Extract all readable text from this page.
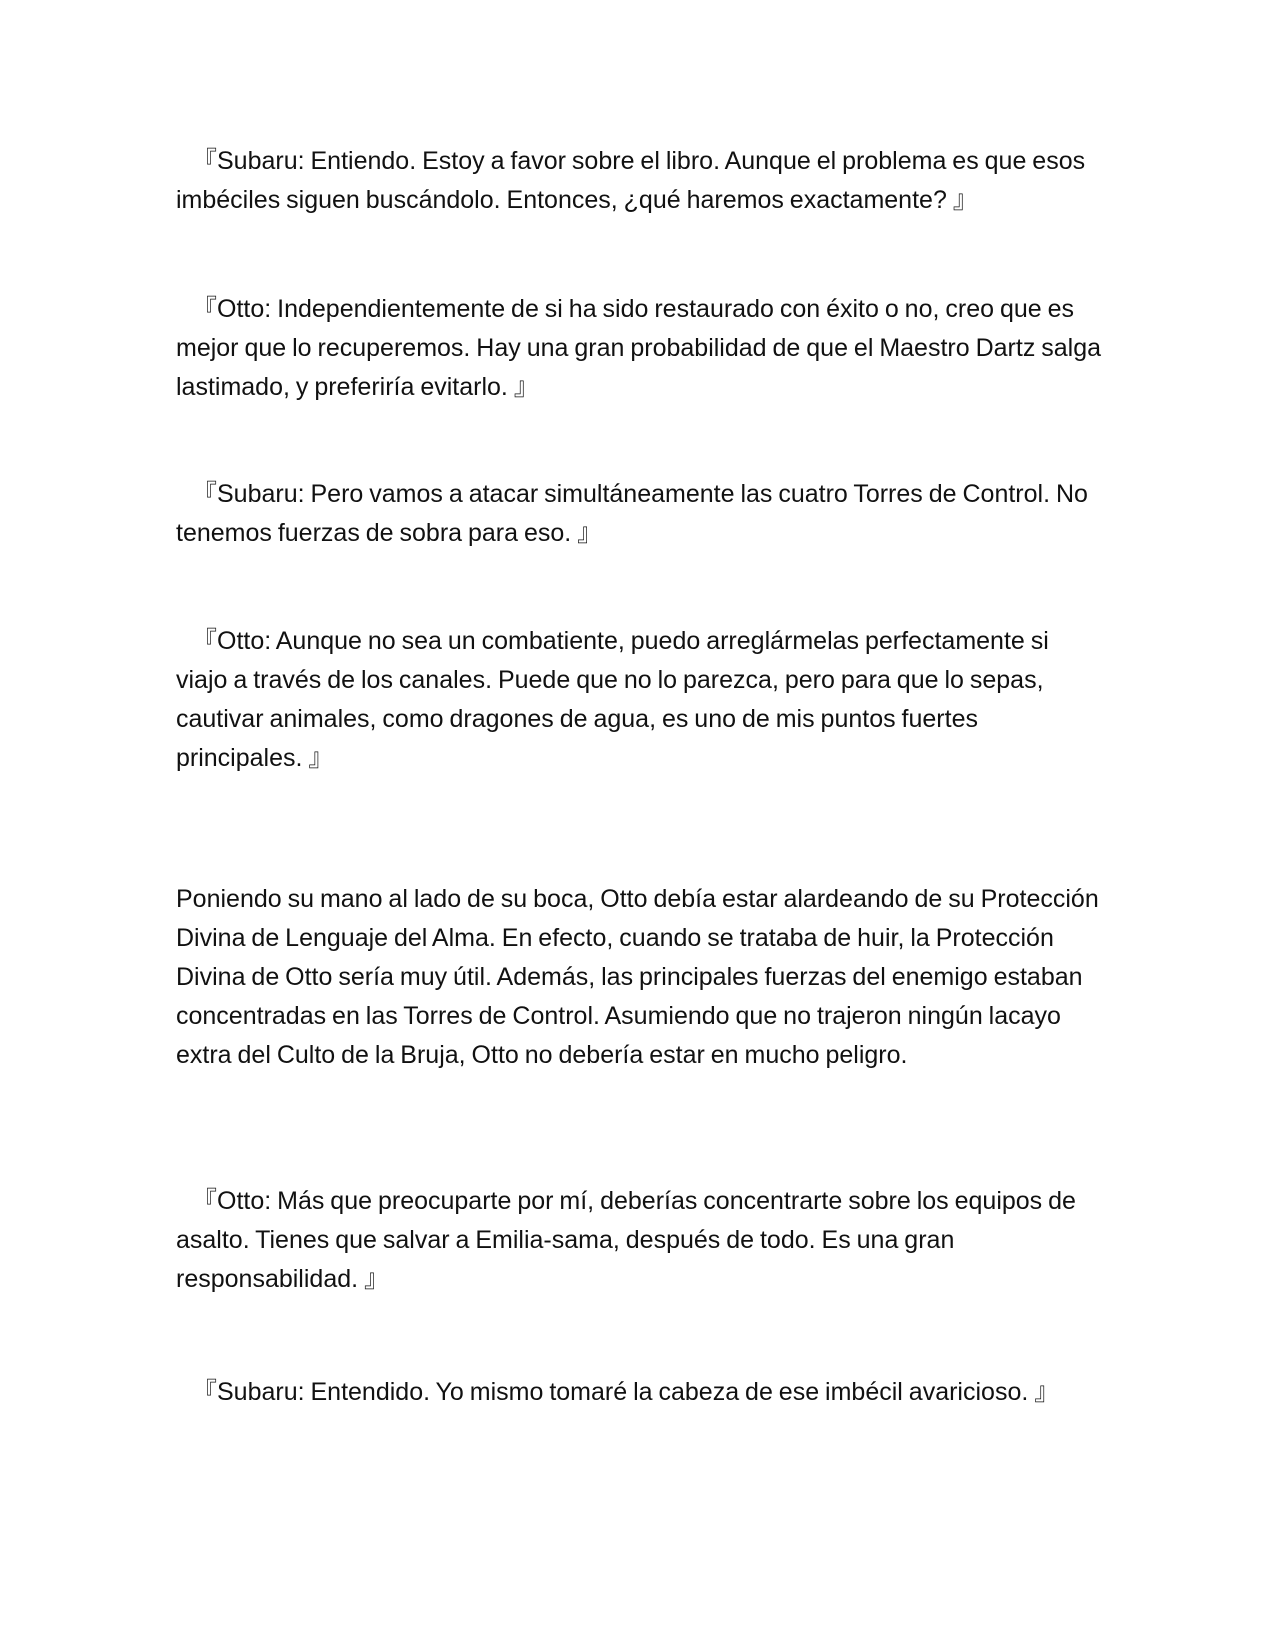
『Subaru: Entiendo. Estoy a favor sobre el libro. Aunque el problema es que esos imbéciles siguen buscándolo. Entonces, ¿qué haremos exactamente? 』

『Otto: Independientemente de si ha sido restaurado con éxito o no, creo que es mejor que lo recuperemos. Hay una gran probabilidad de que el Maestro Dartz salga lastimado, y preferiría evitarlo. 』

『Subaru: Pero vamos a atacar simultáneamente las cuatro Torres de Control. No tenemos fuerzas de sobra para eso. 』

『Otto: Aunque no sea un combatiente, puedo arreglármelas perfectamente si viajo a través de los canales. Puede que no lo parezca, pero para que lo sepas, cautivar animales, como dragones de agua, es uno de mis puntos fuertes principales. 』

Poniendo su mano al lado de su boca, Otto debía estar alardeando de su Protección Divina de Lenguaje del Alma. En efecto, cuando se trataba de huir, la Protección Divina de Otto sería muy útil. Además, las principales fuerzas del enemigo estaban concentradas en las Torres de Control. Asumiendo que no trajeron ningún lacayo extra del Culto de la Bruja, Otto no debería estar en mucho peligro.

『Otto: Más que preocuparte por mí, deberías concentrarte sobre los equipos de asalto. Tienes que salvar a Emilia-sama, después de todo. Es una gran responsabilidad. 』

『Subaru: Entendido. Yo mismo tomaré la cabeza de ese imbécil avaricioso. 』
